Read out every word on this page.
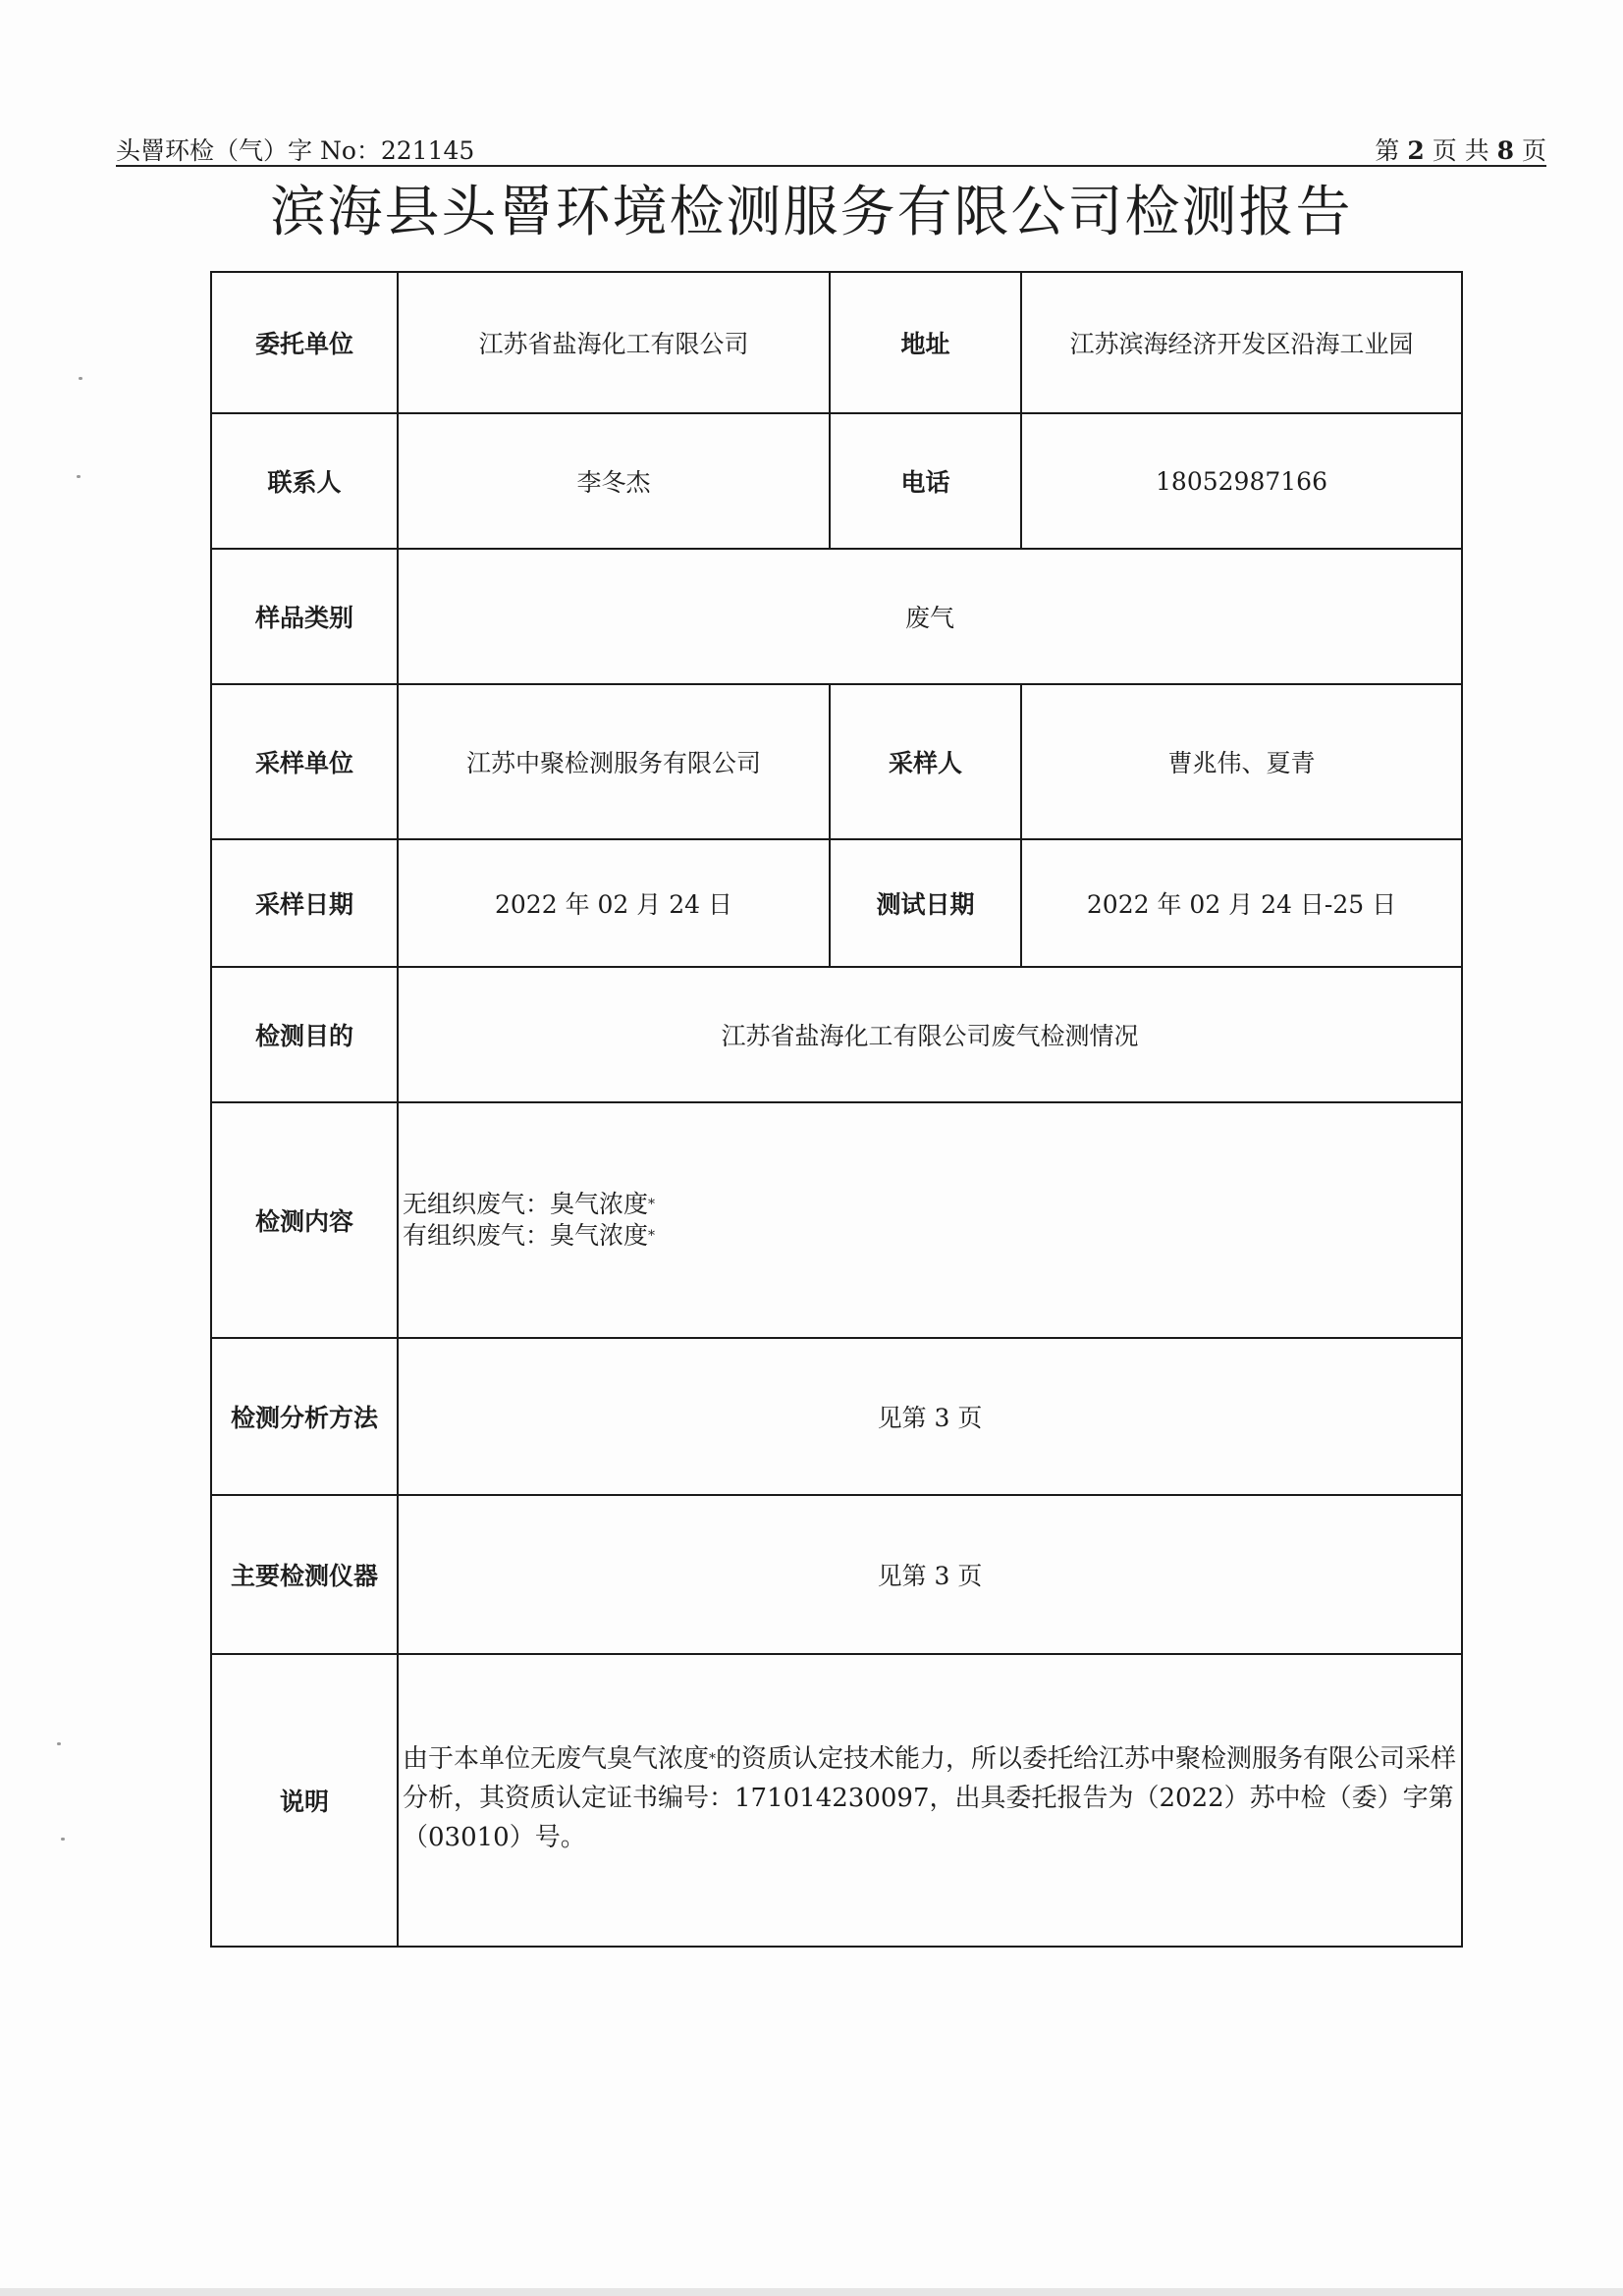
头罾环检（气）字 No：221145	第 2 页 共 8 页
滨海县头罾环境检测服务有限公司检测报告
委托单位	江苏省盐海化工有限公司	地址	江苏滨海经济开发区沿海工业园
联系人	李冬杰	电话	18052987166
样品类别	废气		
采样单位	江苏中聚检测服务有限公司	采样人	曹兆伟、夏青
采样日期	2022 年 02 月 24 日	测试日期	2022 年 02 月 24 日-25 日
检测目的	江苏省盐海化工有限公司废气检测情况		
检测内容	无组织废气：臭气浓度*
有组织废气：臭气浓度*

检测分析方法	见第 3 页		
主要检测仪器	见第 3 页		
说明	由于本单位无废气臭气浓度*的资质认定技术能力，所以委托给江苏中聚检测服务有限公司采样分析，其资质认定证书编号：171014230097，出具委托报告为（2022）苏中检（委）字第（03010）号。		
